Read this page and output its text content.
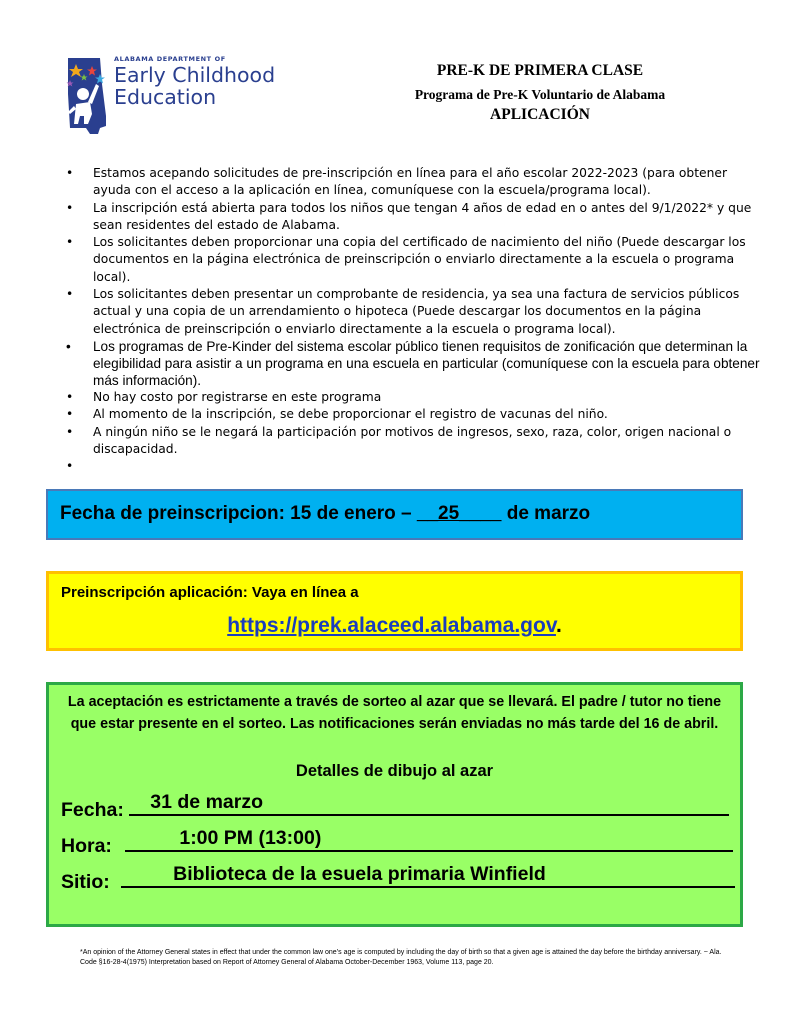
ALABAMA DEPARTMENT OF
Early Childhood
Education
PRE-K DE PRIMERA CLASE
Programa de Pre-K Voluntario de Alabama
APLICACIÓN
• Estamos acepando solicitudes de pre-inscripción en línea para el año escolar 2022-2023 (para obtener ayuda con el acceso a la aplicación en línea, comuníquese con la escuela/programa local).
• La inscripción está abierta para todos los niños que tengan 4 años de edad en o antes del 9/1/2022* y que sean residentes del estado de Alabama.
• Los solicitantes deben proporcionar una copia del certificado de nacimiento del niño (Puede descargar los documentos en la página electrónica de preinscripción o enviarlo directamente a la escuela o programa local).
• Los solicitantes deben presentar un comprobante de residencia, ya sea una factura de servicios públicos actual y una copia de un arrendamiento o hipoteca (Puede descargar los documentos en la página electrónica de preinscripción o enviarlo directamente a la escuela o programa local).
• Los programas de Pre-Kinder del sistema escolar público tienen requisitos de zonificación que determinan la elegibilidad para asistir a un programa en una escuela en particular (comuníquese con la escuela para obtener más información).
• No hay costo por registrarse en este programa
• Al momento de la inscripción, se debe proporcionar el registro de vacunas del niño.
• A ningún niño se le negará la participación por motivos de ingresos, sexo, raza, color, origen nacional o discapacidad.
•
Fecha de preinscripcion: 15 de enero – __25____ de marzo
Preinscripción aplicación: Vaya en línea a
https://prek.alaceed.alabama.gov.
La aceptación es estrictamente a través de sorteo al azar que se llevará. El padre / tutor no tiene que estar presente en el sorteo. Las notificaciones serán enviadas no más tarde del 16 de abril.
Detalles de dibujo al azar
Fecha: 31 de marzo
Hora:	1:00 PM (13:00)
Sitio:	Biblioteca de la esuela primaria Winfield
*An opinion of the Attorney General states in effect that under the common law one’s age is computed by including the day of birth so that a given age is attained the day before the birthday anniversary. ~ Ala. Code §16-28-4(1975) Interpretation based on Report of Attorney General of Alabama October-December 1963, Volume 113, page 20.
